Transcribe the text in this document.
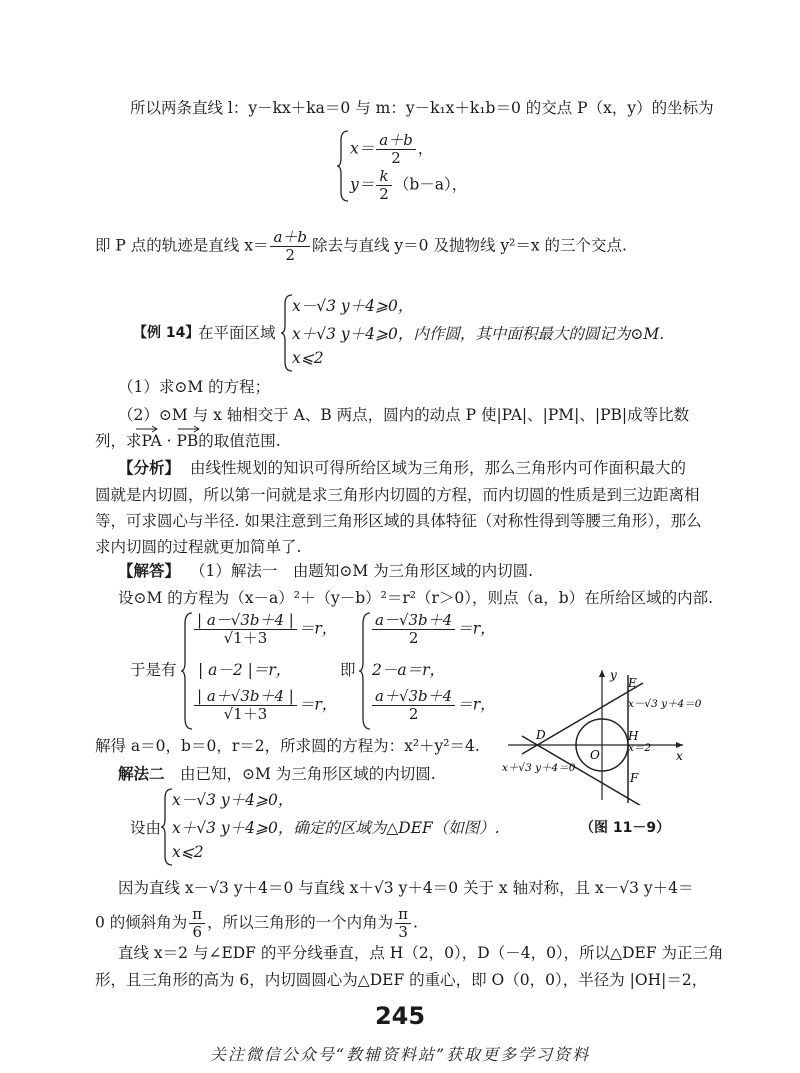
所以两条直线 l：y－kx＋ka＝0 与 m：y－k₁x＋k₁b＝0 的交点 P（x，y）的坐标为
$x= \frac{a+b}{2}$ ，
$y= \frac{k}{2} (b-a)$，
即 P 点的轨迹是直线 $x= \frac{a+b}{2}$ 除去与直线 y＝0 及抛物线 y²＝x 的三个交点.
【例 14】
在平面区域
x－√3 y＋4⩾0，
x＋√3 y＋4⩾0，内作圆，其中面积最大的圆记为⊙M.
x⩽2
（1）求⊙M 的方程；
（2）⊙M 与 x 轴相交于 A、B 两点，圆内的动点 P 使|PA|、|PM|、|PB|成等比数
列，求PA · PB的取值范围.
【分析】 由线性规划的知识可得所给区域为三角形，那么三角形内可作面积最大的
圆就是内切圆，所以第一问就是求三角形内切圆的方程，而内切圆的性质是到三边距离相
等，可求圆心与半径. 如果注意到三角形区域的具体特征（对称性得到等腰三角形），那么
求内切圆的过程就更加简单了.
【解答】 （1）解法一　由题知⊙M 为三角形区域的内切圆.
设⊙M 的方程为（x－a）²＋（y－b）²＝r²（r＞0），则点（a，b）在所给区域的内部.
于是有
$\frac{| a-√3b+4 |}{√1+3} =r$，
| a－2 |＝r，
$\frac{| a+√3b+4 |}{√1+3} =r$，
即
$\frac{a-√3b+4}{2} =r$，
2－a＝r，
$\frac{a+√3b+4}{2} =r$，
解得 a＝0，b＝0，r＝2，所求圆的方程为：x²＋y²＝4.
解法二 由已知，⊙M 为三角形区域的内切圆.
设由
x－√3 y＋4⩾0，
x＋√3 y＋4⩾0，确定的区域为△DEF（如图）.
x⩽2
y
x
E
D
O
H
F
x－√3 y＋4＝0
x＋√3 y＋4＝0
x＝2
（图 11－9）
因为直线 x－√3 y＋4＝0 与直线 x＋√3 y＋4＝0 关于 x 轴对称，且 x－√3 y＋4＝
0 的倾斜角为 $\frac{\pi}{6}$ ，所以三角形的一个内角为 $\frac{\pi}{3}$ .
直线 x＝2 与∠EDF 的平分线垂直，点 H（2，0），D（－4，0），所以△DEF 为正三角
形，且三角形的高为 6，内切圆圆心为△DEF 的重心，即 O（0，0），半径为 |OH|＝2，
245
关注微信公众号“教辅资料站”获取更多学习资料
